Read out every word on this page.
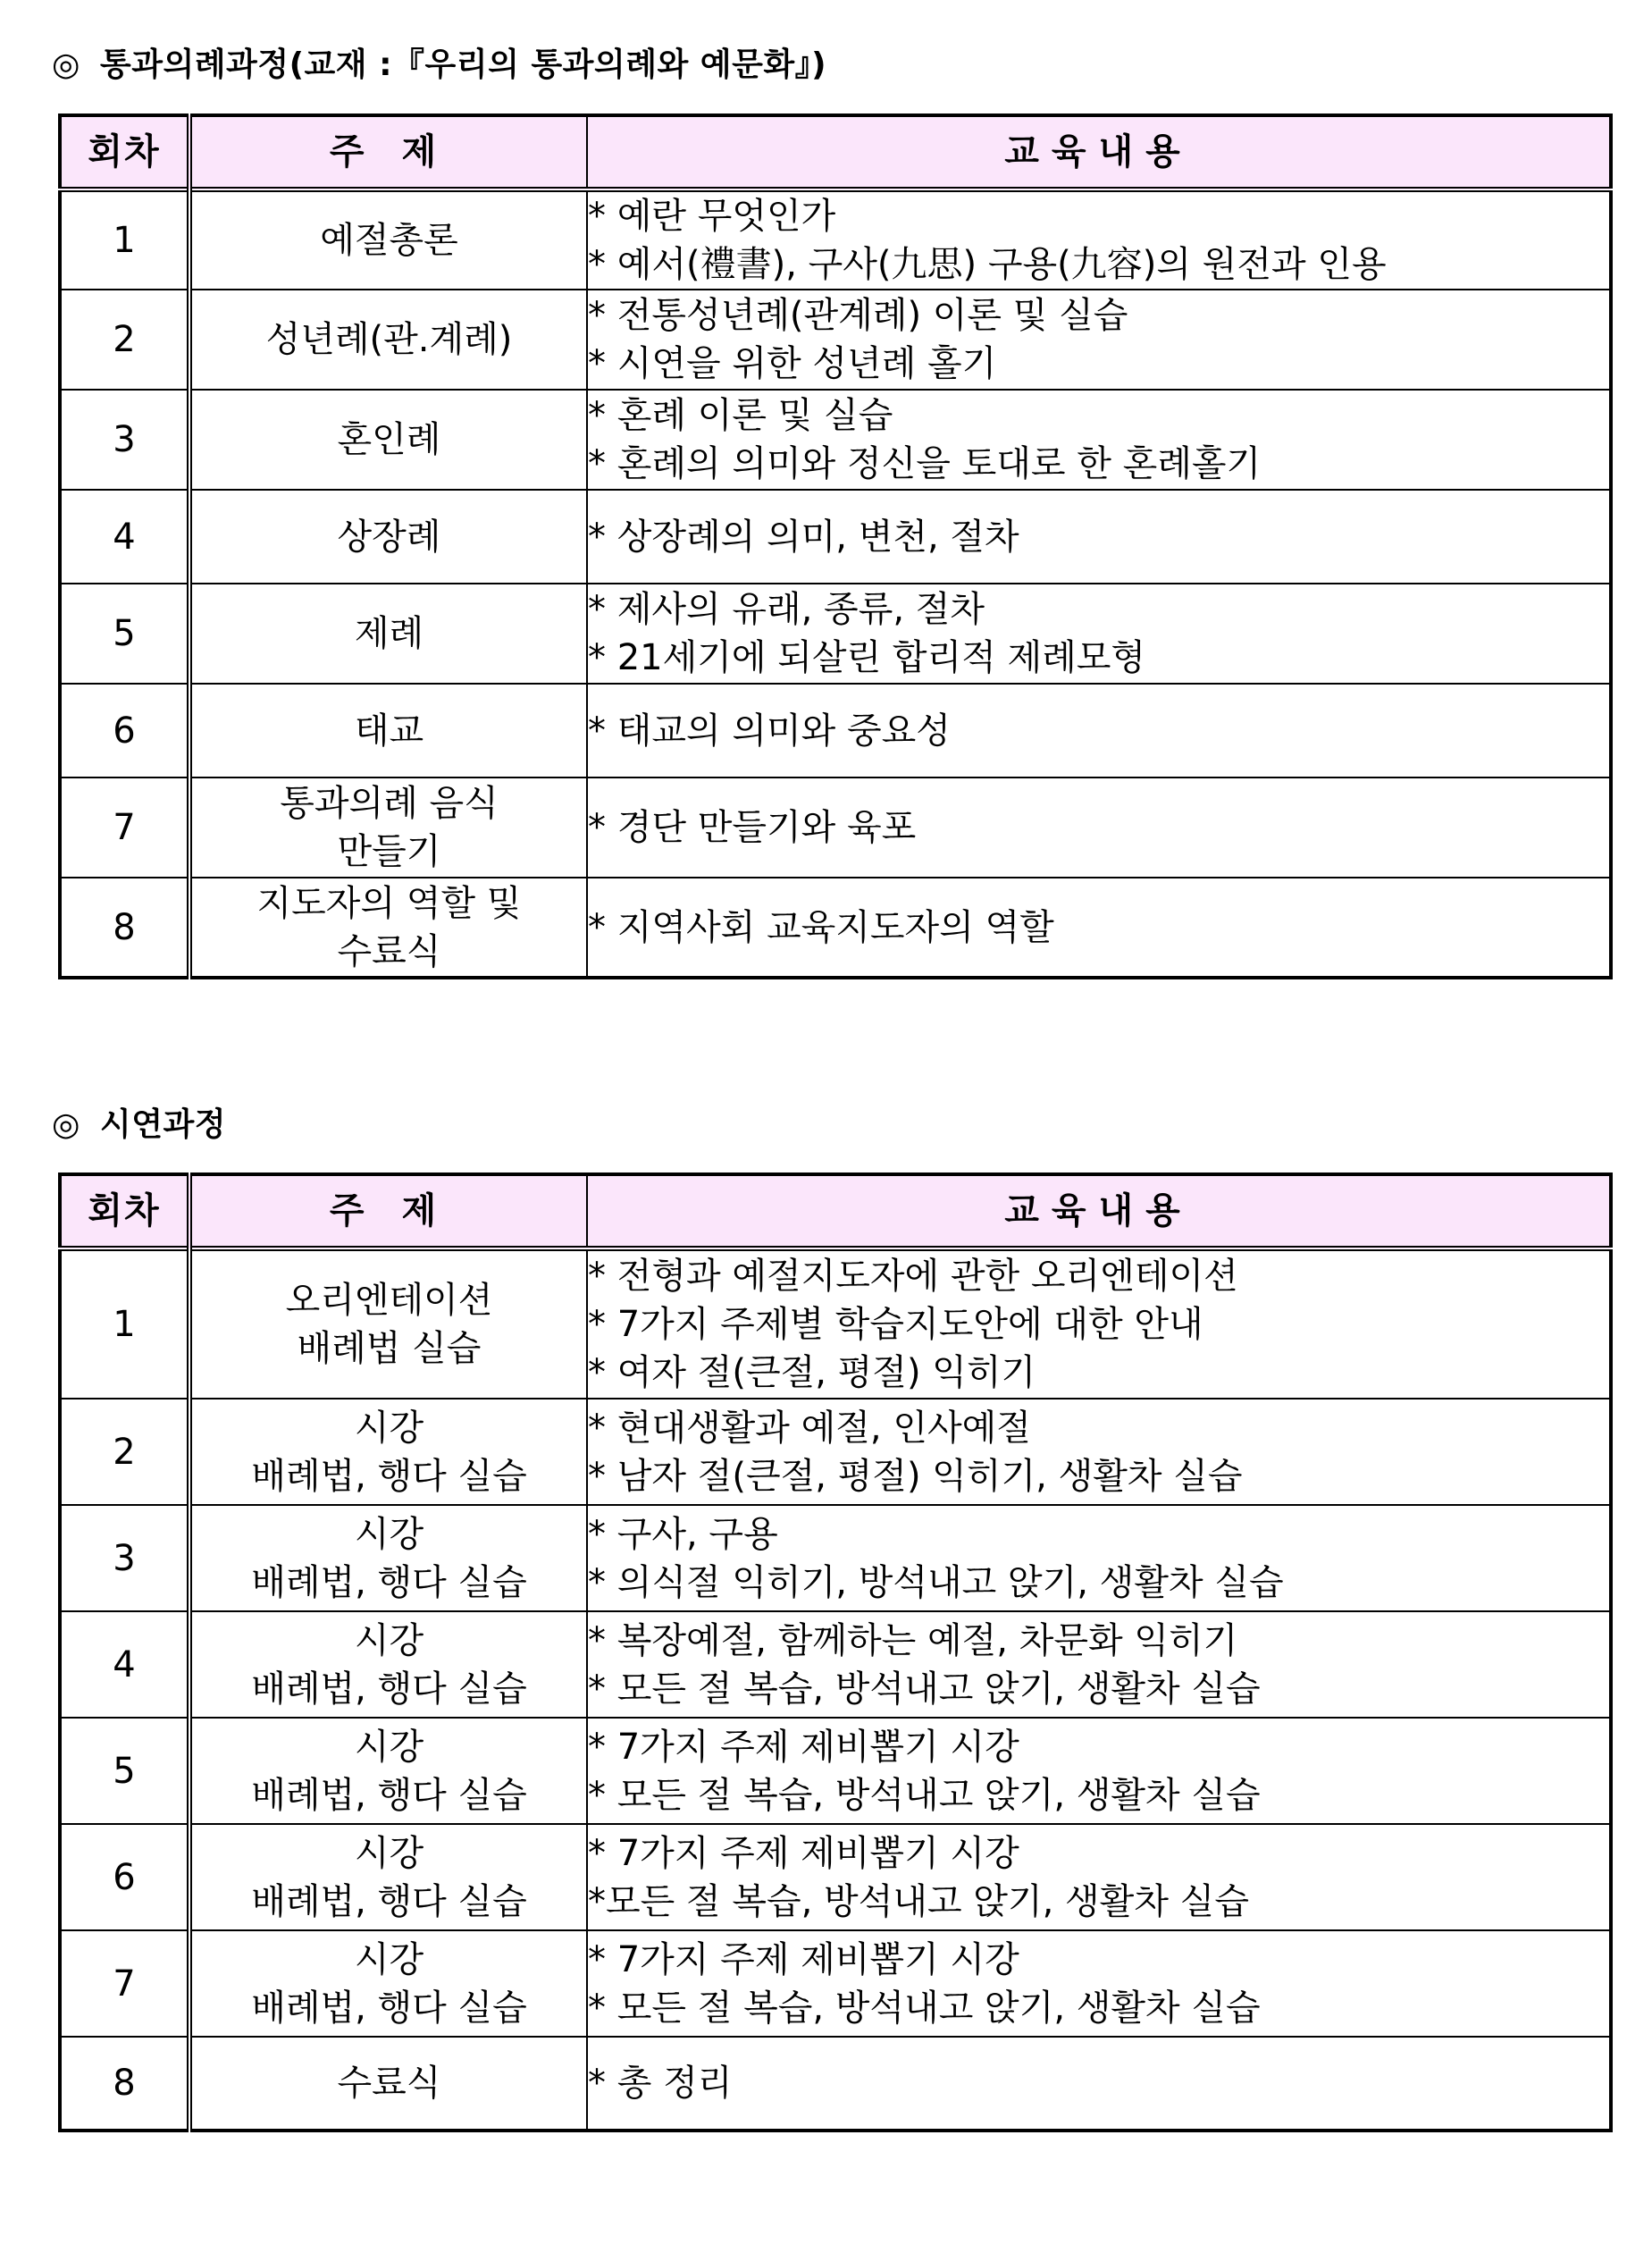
◎ 통과의례과정(교재 :『우리의 통과의례와 예문화』)
회차	주 제	교육내용
1	예절총론	* 예란 무엇인가
* 예서(禮書), 구사(九思) 구용(九容)의 원전과 인용

2	성년례(관.계례)	* 전통성년례(관계례) 이론 및 실습
* 시연을 위한 성년례 홀기

3	혼인례	* 혼례 이론 및 실습
* 혼례의 의미와 정신을 토대로 한 혼례홀기

4	상장례	* 상장례의 의미, 변천, 절차

5	제례	* 제사의 유래, 종류, 절차
* 21세기에 되살린 합리적 제례모형

6	태교	* 태교의 의미와 중요성

7	통과의례 음식
만들기	* 경단 만들기와 육포

8	지도자의 역할 및
수료식	* 지역사회 교육지도자의 역할
◎ 시연과정
회차	주 제	교육내용
1	오리엔테이션
배례법 실습	* 전형과 예절지도자에 관한 오리엔테이션
* 7가지 주제별 학습지도안에 대한 안내
* 여자 절(큰절, 평절) 익히기

2	시강
배례법, 행다 실습	* 현대생활과 예절, 인사예절
* 남자 절(큰절, 평절) 익히기, 생활차 실습

3	시강
배례법, 행다 실습	* 구사, 구용
* 의식절 익히기, 방석내고 앉기, 생활차 실습

4	시강
배례법, 행다 실습	* 복장예절, 함께하는 예절, 차문화 익히기
* 모든 절 복습, 방석내고 앉기, 생활차 실습

5	시강
배례법, 행다 실습	* 7가지 주제 제비뽑기 시강
* 모든 절 복습, 방석내고 앉기, 생활차 실습

6	시강
배례법, 행다 실습	* 7가지 주제 제비뽑기 시강
*모든 절 복습, 방석내고 앉기, 생활차 실습

7	시강
배례법, 행다 실습	* 7가지 주제 제비뽑기 시강
* 모든 절 복습, 방석내고 앉기, 생활차 실습

8	수료식	* 총 정리
